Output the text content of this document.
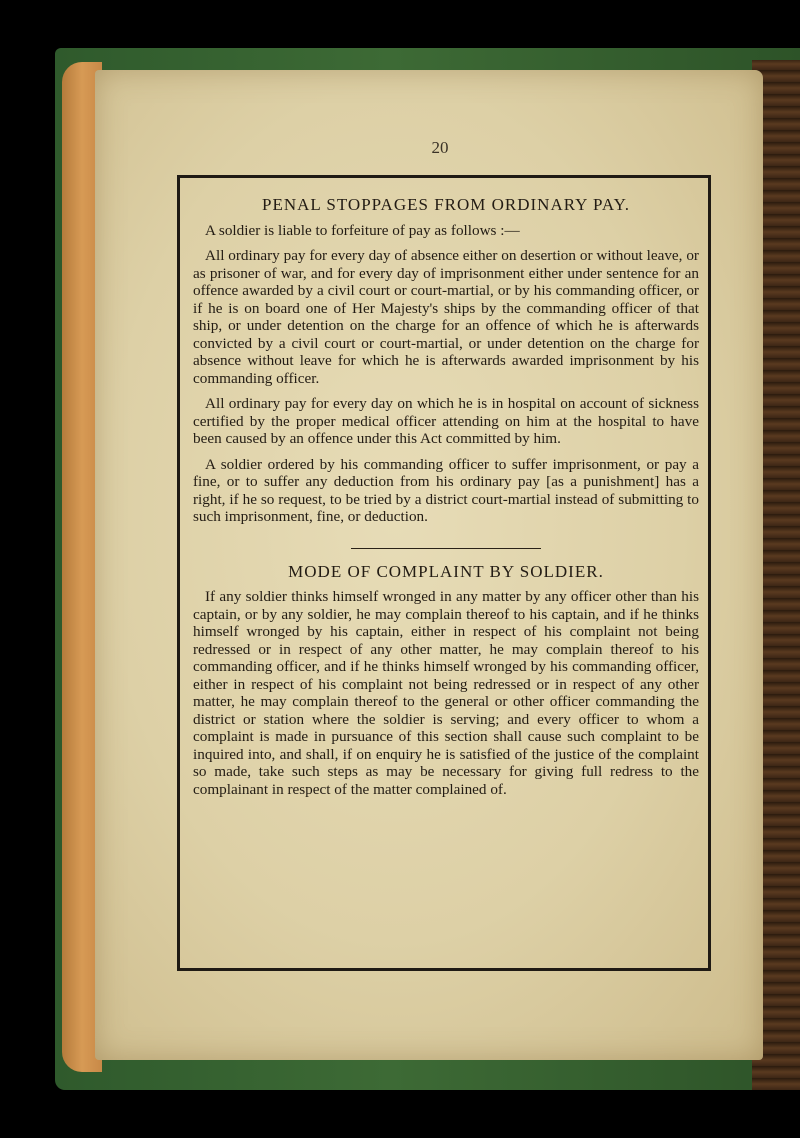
20
PENAL STOPPAGES FROM ORDINARY PAY.

A soldier is liable to forfeiture of pay as follows :—

All ordinary pay for every day of absence either on desertion or without leave, or as prisoner of war, and for every day of imprisonment either under sentence for an offence awarded by a civil court or court-martial, or by his commanding officer, or if he is on board one of Her Majesty's ships by the commanding officer of that ship, or under detention on the charge for an offence of which he is afterwards convicted by a civil court or court-martial, or under detention on the charge for absence without leave for which he is afterwards awarded imprisonment by his commanding officer.

All ordinary pay for every day on which he is in hospital on account of sickness certified by the proper medical officer attending on him at the hospital to have been caused by an offence under this Act committed by him.

A soldier ordered by his commanding officer to suffer imprisonment, or pay a fine, or to suffer any deduction from his ordinary pay [as a punishment] has a right, if he so request, to be tried by a district court-martial instead of submitting to such imprisonment, fine, or deduction.

MODE OF COMPLAINT BY SOLDIER.

If any soldier thinks himself wronged in any matter by any officer other than his captain, or by any soldier, he may complain thereof to his captain, and if he thinks himself wronged by his captain, either in respect of his complaint not being redressed or in respect of any other matter, he may complain thereof to his commanding officer, and if he thinks himself wronged by his commanding officer, either in respect of his complaint not being redressed or in respect of any other matter, he may complain thereof to the general or other officer commanding the district or station where the soldier is serving; and every officer to whom a complaint is made in pursuance of this section shall cause such complaint to be inquired into, and shall, if on enquiry he is satisfied of the justice of the complaint so made, take such steps as may be necessary for giving full redress to the complainant in respect of the matter complained of.
